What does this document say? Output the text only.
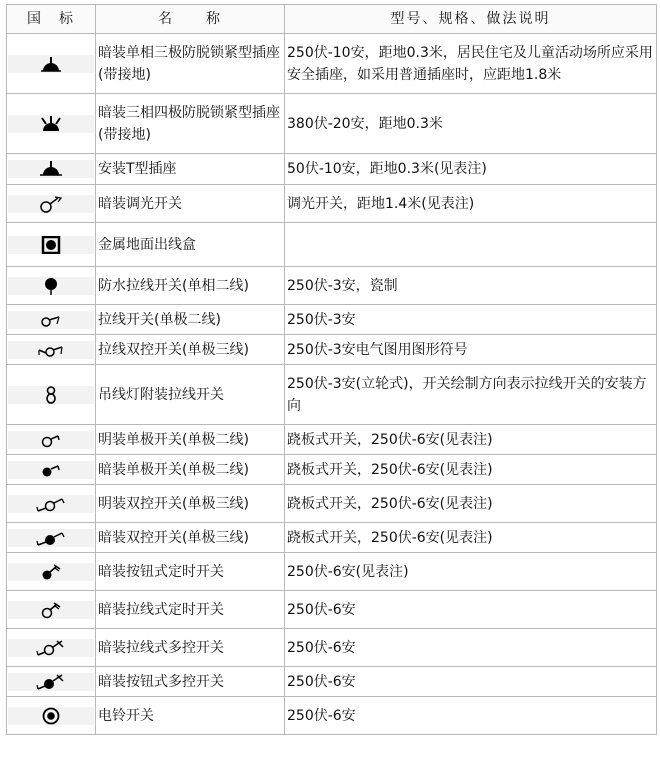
国　标	名　　称	型号、规格、做法说明

	暗装单相三极防脱锁紧型插座(带接地)	250伏-10安，距地0.3米，居民住宅及儿童活动场所应采用安全插座，如采用普通插座时，应距地1.8米

	暗装三相四极防脱锁紧型插座(带接地)	380伏-20安，距地0.3米

	安装T型插座	50伏-10安，距地0.3米(见表注)

	暗装调光开关	调光开关，距地1.4米(见表注)

	金属地面出线盒	

	防水拉线开关(单相二线)	250伏-3安，瓷制

	拉线开关(单极二线)	250伏-3安

	拉线双控开关(单极三线)	250伏-3安电气图用图形符号

	吊线灯附装拉线开关	250伏-3安(立轮式)，开关绘制方向表示拉线开关的安装方向

	明装单极开关(单极二线)	跷板式开关，250伏-6安(见表注)

	暗装单极开关(单极二线)	跷板式开关，250伏-6安(见表注)

	明装双控开关(单极三线)	跷板式开关，250伏-6安(见表注)

	暗装双控开关(单极三线)	跷板式开关，250伏-6安(见表注)

	暗装按钮式定时开关	250伏-6安(见表注)

	暗装拉线式定时开关	250伏-6安

	暗装拉线式多控开关	250伏-6安

	暗装按钮式多控开关	250伏-6安

	电铃开关	250伏-6安
